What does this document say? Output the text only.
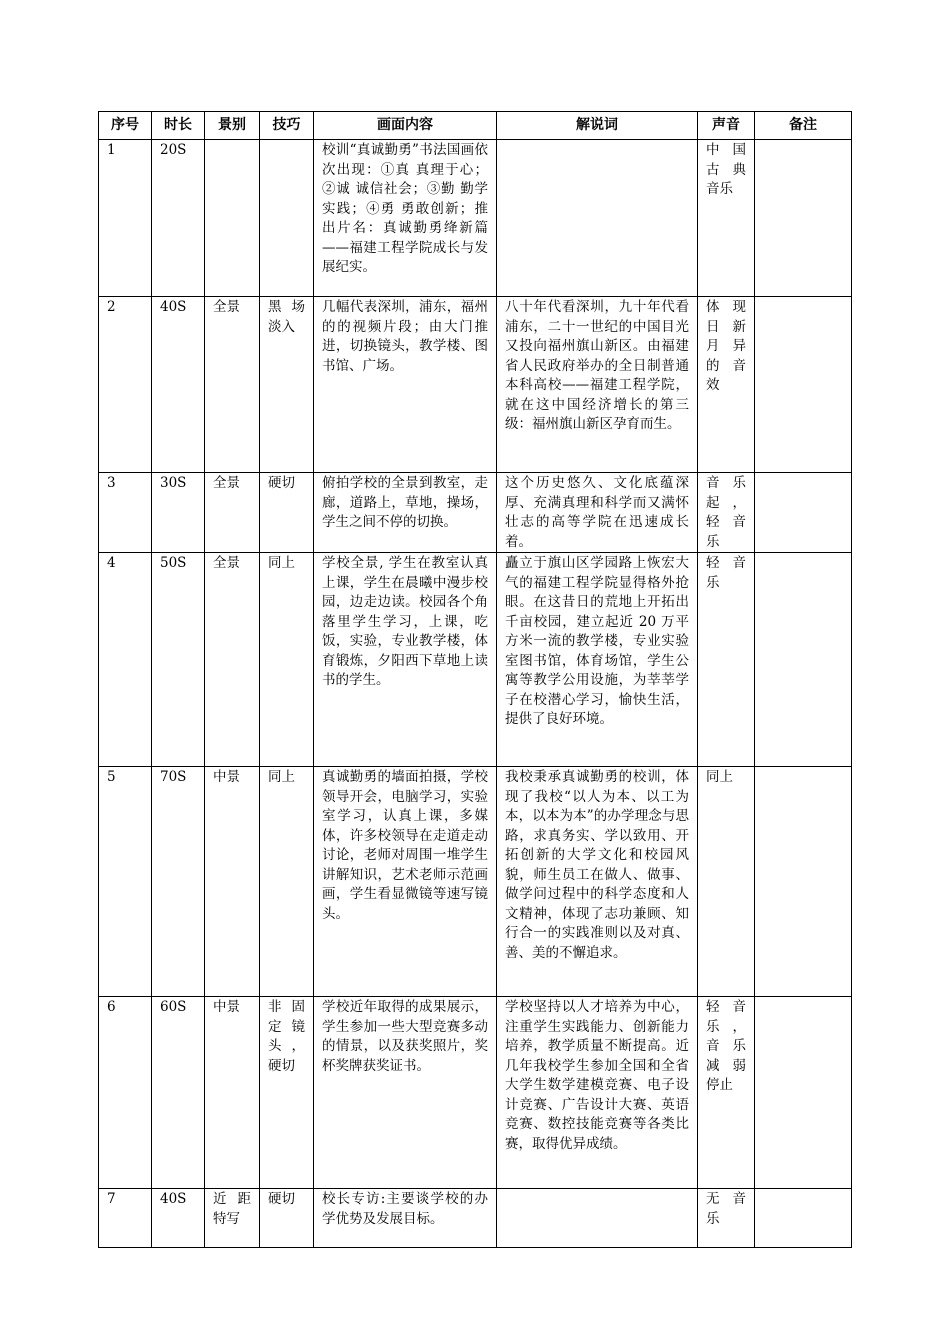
序号	时长	景别	技巧	画面内容	解说词	声音	备注
1	20S			校训“真诚勤勇”书法国画依次出现：①真 真理于心；②诚 诚信社会；③勤 勤学实践；④勇 勇敢创新；推出片名：真诚勤勇绛新篇——福建工程学院成长与发展纪实。		中国古典音乐	
2	40S	全景	黑场淡入	几幅代表深圳，浦东，福州的的视频片段；由大门推进，切换镜头，教学楼、图书馆、广场。	八十年代看深圳，九十年代看浦东，二十一世纪的中国目光又投向福州旗山新区。由福建省人民政府举办的全日制普通本科高校——福建工程学院，就在这中国经济增长的第三级：福州旗山新区孕育而生。	体现日新月异的音效	
3	30S	全景	硬切	俯拍学校的全景到教室，走廊，道路上，草地，操场，学生之间不停的切换。	这个历史悠久、文化底蕴深厚、充满真理和科学而又满怀壮志的高等学院在迅速成长着。	音乐起，轻音乐	
4	50S	全景	同上	学校全景, 学生在教室认真上课，学生在晨曦中漫步校园，边走边读。校园各个角落里学生学习，上课，吃饭，实验，专业教学楼，体育锻炼，夕阳西下草地上读书的学生。	矗立于旗山区学园路上恢宏大气的福建工程学院显得格外抢眼。在这昔日的荒地上开拓出千亩校园，建立起近 20 万平方米一流的教学楼，专业实验室图书馆，体育场馆，学生公寓等教学公用设施，为莘莘学子在校潜心学习，愉快生活，提供了良好环境。	轻音乐	
5	70S	中景	同上	真诚勤勇的墙面拍摄，学校领导开会，电脑学习，实验室学习，认真上课，多媒体，许多校领导在走道走动讨论，老师对周围一堆学生讲解知识，艺术老师示范画画，学生看显微镜等速写镜头。	我校秉承真诚勤勇的校训，体现了我校“以人为本、以工为本，以本为本”的办学理念与思路，求真务实、学以致用、开拓创新的大学文化和校园风貌，师生员工在做人、做事、做学问过程中的科学态度和人文精神，体现了志功兼顾、知行合一的实践准则以及对真、善、美的不懈追求。	同上	
6	60S	中景	非固定镜头，硬切	学校近年取得的成果展示，学生参加一些大型竞赛多动的情景，以及获奖照片，奖杯奖牌获奖证书。	学校坚持以人才培养为中心，注重学生实践能力、创新能力培养，教学质量不断提高。近几年我校学生参加全国和全省大学生数学建模竞赛、电子设计竞赛、广告设计大赛、英语竞赛、数控技能竞赛等各类比赛，取得优异成绩。	轻音乐，音乐减弱停止	
7	40S	近距特写	硬切	校长专访:主要谈学校的办学优势及发展目标。		无音乐	
